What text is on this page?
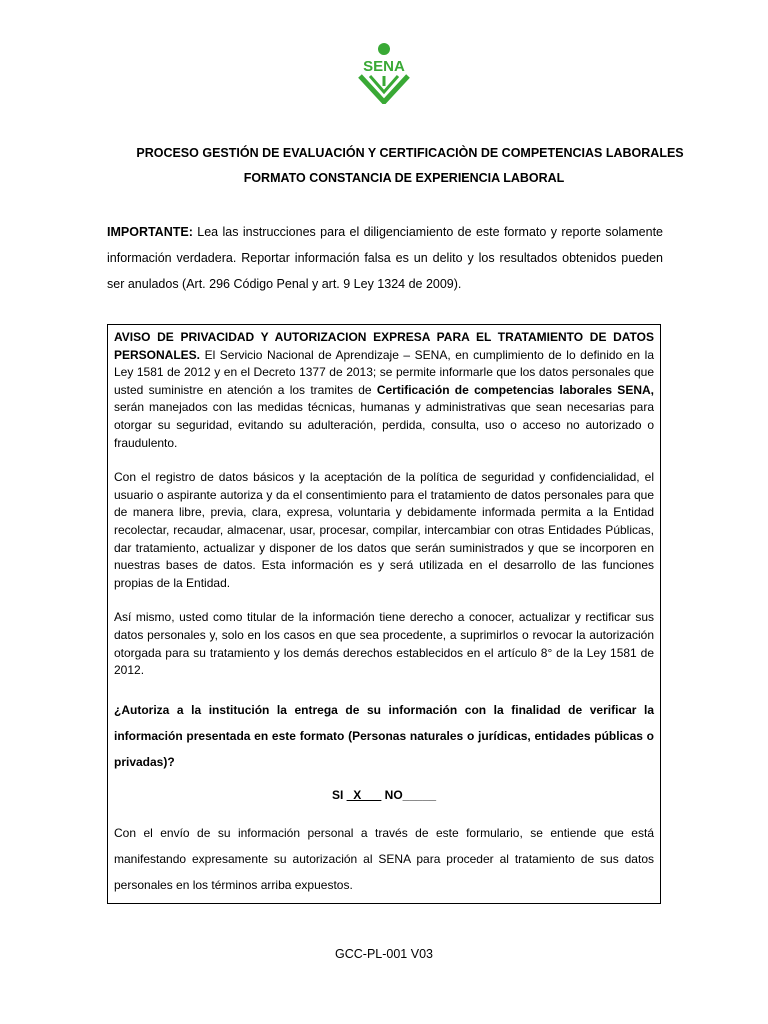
SENA
PROCESO GESTIÓN DE EVALUACIÓN Y CERTIFICACIÒN DE COMPETENCIAS LABORALES
FORMATO CONSTANCIA DE EXPERIENCIA LABORAL
IMPORTANTE: Lea las instrucciones para el diligenciamiento de este formato y reporte solamente información verdadera. Reportar información falsa es un delito y los resultados obtenidos pueden ser anulados (Art. 296 Código Penal y art. 9 Ley 1324 de 2009).

AVISO DE PRIVACIDAD Y AUTORIZACION EXPRESA PARA EL TRATAMIENTO DE DATOS PERSONALES. El Servicio Nacional de Aprendizaje – SENA, en cumplimiento de lo definido en la Ley 1581 de 2012 y en el Decreto 1377 de 2013; se permite informarle que los datos personales que usted suministre en atención a los tramites de Certificación de competencias laborales SENA, serán manejados con las medidas técnicas, humanas y administrativas que sean necesarias para otorgar su seguridad, evitando su adulteración, perdida, consulta, uso o acceso no autorizado o fraudulento.

Con el registro de datos básicos y la aceptación de la política de seguridad y confidencialidad, el usuario o aspirante autoriza y da el consentimiento para el tratamiento de datos personales para que de manera libre, previa, clara, expresa, voluntaria y debidamente informada permita a la Entidad recolectar, recaudar, almacenar, usar, procesar, compilar, intercambiar con otras Entidades Públicas, dar tratamiento, actualizar y disponer de los datos que serán suministrados y que se incorporen en nuestras bases de datos. Esta información es y será utilizada en el desarrollo de las funciones propias de la Entidad.

Así mismo, usted como titular de la información tiene derecho a conocer, actualizar y rectificar sus datos personales y, solo en los casos en que sea procedente, a suprimirlos o revocar la autorización otorgada para su tratamiento y los demás derechos establecidos en el artículo 8° de la Ley 1581 de 2012.

¿Autoriza a la institución la entrega de su información con la finalidad de verificar la información presentada en este formato (Personas naturales o jurídicas, entidades públicas o privadas)?

SI _X___ NO_____

Con el envío de su información personal a través de este formulario, se entiende que está manifestando expresamente su autorización al SENA para proceder al tratamiento de sus datos personales en los términos arriba expuestos.

GCC-PL-001 V03
